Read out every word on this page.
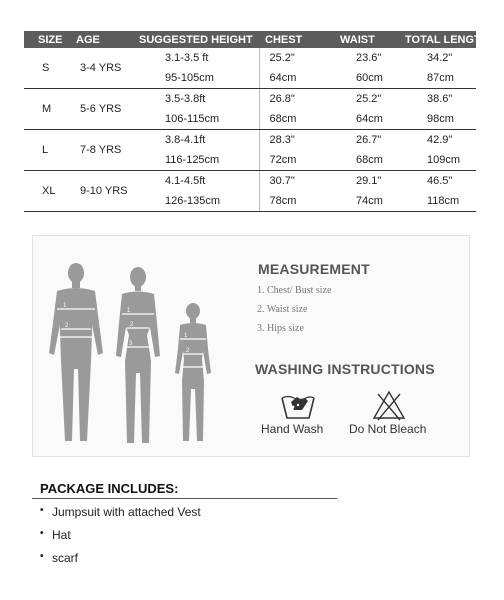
SIZE	AGE	SUGGESTED HEIGHT	CHEST	WAIST	TOTAL LENGTH
S	3-4 YRS	3.1-3.5 ft	25.2"	23.6"	34.2"
		95-105cm	64cm	60cm	87cm
M	5-6 YRS	3.5-3.8ft	26.8"	25.2"	38.6"
		106-115cm	68cm	64cm	98cm
L	7-8 YRS	3.8-4.1ft	28.3"	26.7"	42.9"
		116-125cm	72cm	68cm	109cm
XL	9-10 YRS	4.1-4.5ft	30.7"	29.1"	46.5"
		126-135cm	78cm	74cm	118cm
1
2
1
2
3
1
2
MEASUREMENT
1. Chest/ Bust size
2. Waist size
3. Hips size
WASHING INSTRUCTIONS
Hand Wash Do Not Bleach
PACKAGE INCLUDES:
• Jumpsuit with attached Vest
• Hat
• scarf
